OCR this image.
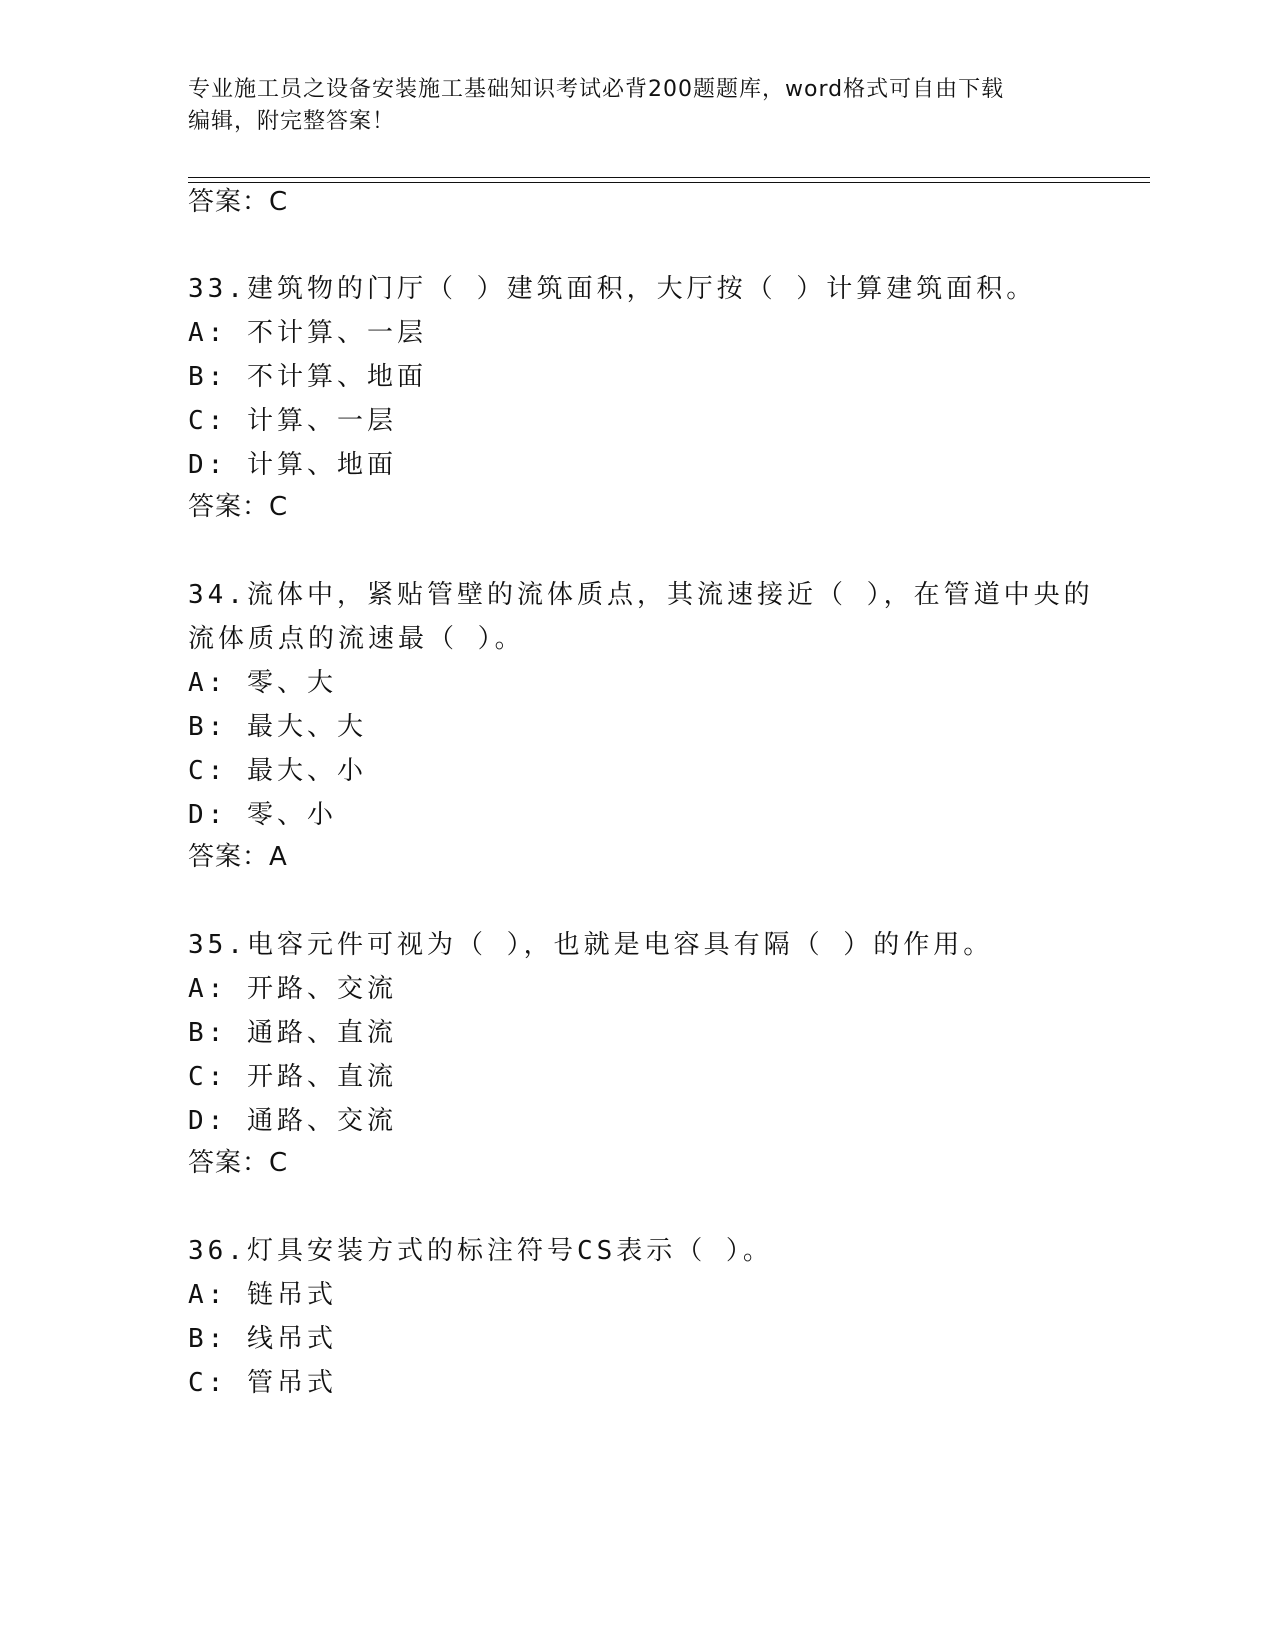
专业施工员之设备安装施工基础知识考试必背200题题库，word格式可自由下载
编辑，附完整答案！
答案：C
33.建筑物的门厅（ ）建筑面积，大厅按（ ）计算建筑面积。
A: 不计算、一层
B: 不计算、地面
C: 计算、一层
D: 计算、地面
答案：C
34.流体中，紧贴管壁的流体质点，其流速接近（ ），在管道中央的
流体质点的流速最（ ）。
A: 零、大
B: 最大、大
C: 最大、小
D: 零、小
答案：A
35.电容元件可视为（ ），也就是电容具有隔（ ）的作用。
A: 开路、交流
B: 通路、直流
C: 开路、直流
D: 通路、交流
答案：C
36.灯具安装方式的标注符号CS表示（ ）。
A: 链吊式
B: 线吊式
C: 管吊式
